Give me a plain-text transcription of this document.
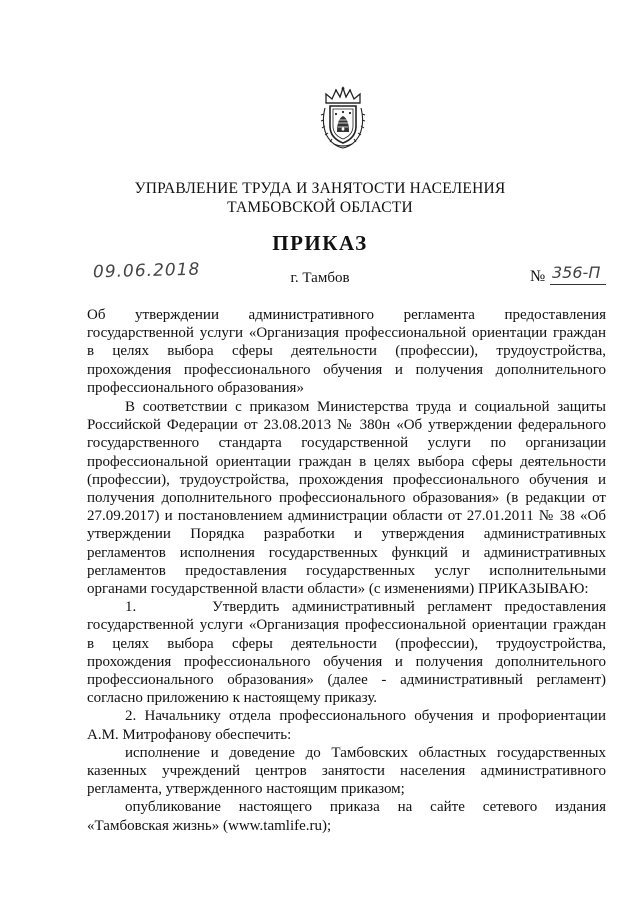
УПРАВЛЕНИЕ ТРУДА И ЗАНЯТОСТИ НАСЕЛЕНИЯ
ТАМБОВСКОЙ ОБЛАСТИ
ПРИКАЗ
09.06.2018	г. Тамбов	№ 356-П
Об утверждении административного регламента предоставления государственной услуги «Организация профессиональной ориентации граждан в целях выбора сферы деятельности (профессии), трудоустройства, прохождения профессионального обучения и получения дополнительного профессионального образования»

В соответствии с приказом Министерства труда и социальной защиты Российской Федерации от 23.08.2013 № 380н «Об утверждении федерального государственного стандарта государственной услуги по организации профессиональной ориентации граждан в целях выбора сферы деятельности (профессии), трудоустройства, прохождения профессионального обучения и получения дополнительного профессионального образования» (в редакции от 27.09.2017) и постановлением администрации области от 27.01.2011 № 38 «Об утверждении Порядка разработки и утверждения административных регламентов исполнения государственных функций и административных регламентов предоставления государственных услуг исполнительными органами государственной власти области» (с изменениями) ПРИКАЗЫВАЮ:

1.      Утвердить административный регламент предоставления государственной услуги «Организация профессиональной ориентации граждан в целях выбора сферы деятельности (профессии), трудоустройства, прохождения профессионального обучения и получения дополнительного профессионального образования» (далее - административный регламент) согласно приложению к настоящему приказу.

2. Начальнику отдела профессионального обучения и профориентации А.М. Митрофанову обеспечить:

исполнение и доведение до Тамбовских областных государственных казенных учреждений центров занятости населения административного регламента, утвержденного настоящим приказом;

опубликование настоящего приказа на сайте сетевого издания «Тамбовская жизнь» (www.tamlife.ru);
